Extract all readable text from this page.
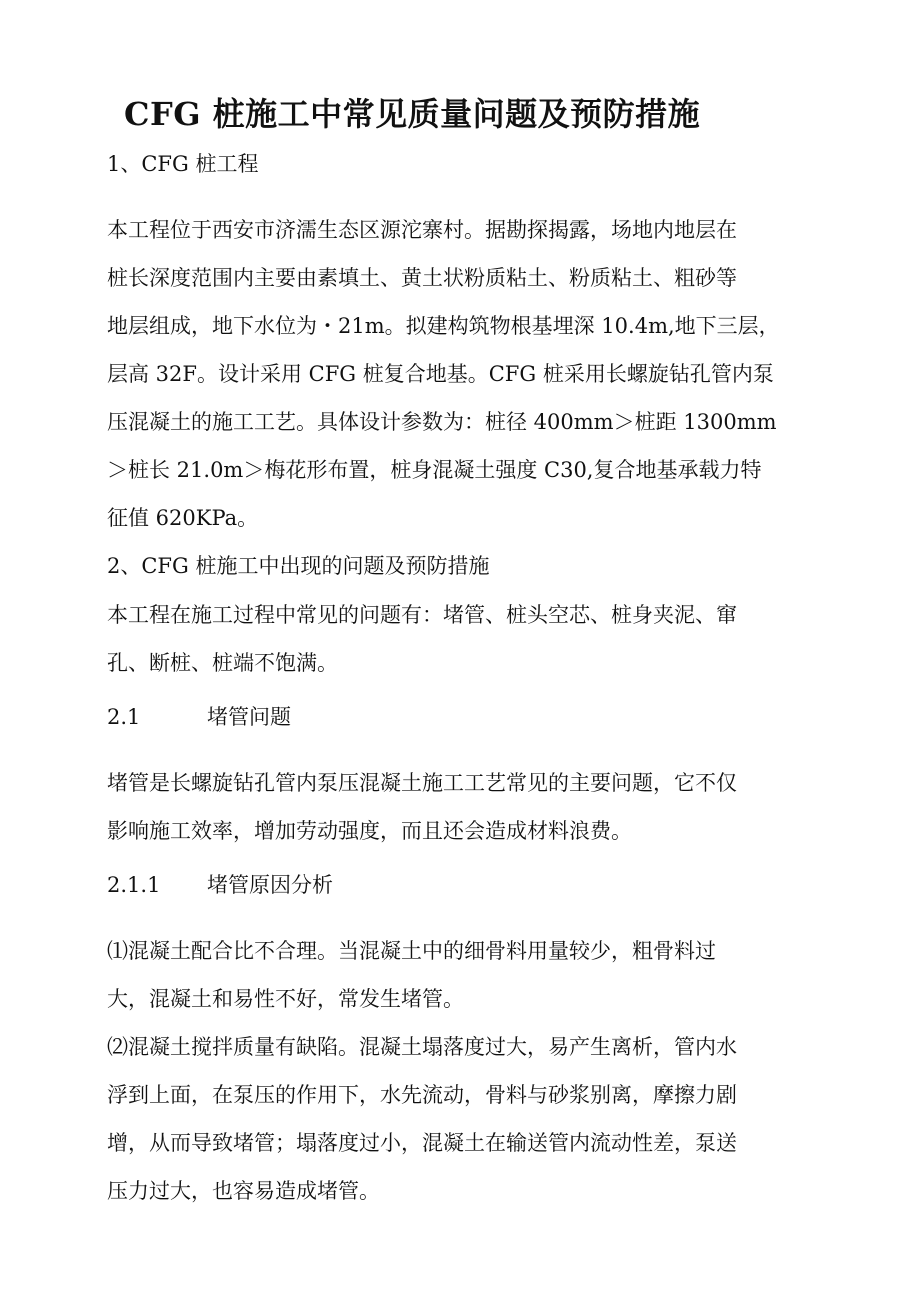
CFG 桩施工中常见质量问题及预防措施
1、CFG 桩工程
本工程位于西安市济濡生态区源沱寨村。据勘探揭露，场地内地层在
桩长深度范围内主要由素填土、黄土状粉质粘土、粉质粘土、粗砂等
地层组成，地下水位为・21m。拟建构筑物根基埋深 10.4m,地下三层，
层高 32F。设计采用 CFG 桩复合地基。CFG 桩采用长螺旋钻孔管内泵
压混凝土的施工工艺。具体设计参数为：桩径 400mm＞桩距 1300mm
＞桩长 21.0m＞梅花形布置，桩身混凝土强度 C30,复合地基承载力特
征值 620KPa。
2、CFG 桩施工中出现的问题及预防措施
本工程在施工过程中常见的问题有：堵管、桩头空芯、桩身夹泥、窜
孔、断桩、桩端不饱满。
2.1	堵管问题
堵管是长螺旋钻孔管内泵压混凝土施工工艺常见的主要问题，它不仅
影响施工效率，增加劳动强度，而且还会造成材料浪费。
2.1.1 堵管原因分析
⑴混凝土配合比不合理。当混凝土中的细骨料用量较少，粗骨料过
大，混凝土和易性不好，常发生堵管。
⑵混凝土搅拌质量有缺陷。混凝土塌落度过大，易产生离析，管内水
浮到上面，在泵压的作用下，水先流动，骨料与砂浆别离，摩擦力剧
增，从而导致堵管；塌落度过小，混凝土在输送管内流动性差，泵送
压力过大，也容易造成堵管。
